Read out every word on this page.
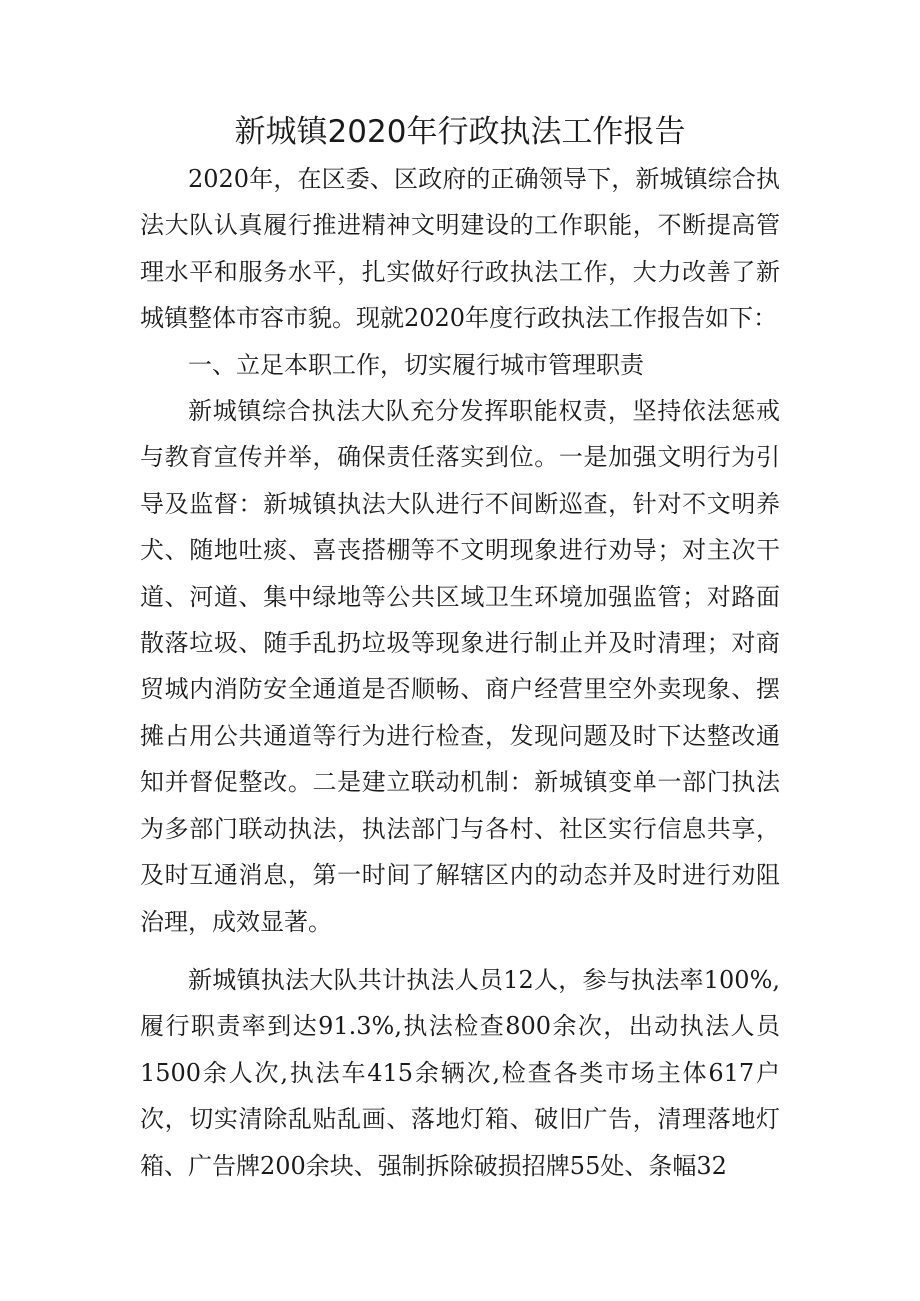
新城镇2020年行政执法工作报告

2020年，在区委、区政府的正确领导下，新城镇综合执法大队认真履行推进精神文明建设的工作职能，不断提高管理水平和服务水平，扎实做好行政执法工作，大力改善了新城镇整体市容市貌。现就2020年度行政执法工作报告如下：

一、立足本职工作，切实履行城市管理职责

新城镇综合执法大队充分发挥职能权责，坚持依法惩戒与教育宣传并举，确保责任落实到位。一是加强文明行为引导及监督：新城镇执法大队进行不间断巡查，针对不文明养犬、随地吐痰、喜丧搭棚等不文明现象进行劝导；对主次干道、河道、集中绿地等公共区域卫生环境加强监管；对路面散落垃圾、随手乱扔垃圾等现象进行制止并及时清理；对商贸城内消防安全通道是否顺畅、商户经营里空外卖现象、摆摊占用公共通道等行为进行检查，发现问题及时下达整改通知并督促整改。二是建立联动机制：新城镇变单一部门执法为多部门联动执法，执法部门与各村、社区实行信息共享，及时互通消息，第一时间了解辖区内的动态并及时进行劝阻治理，成效显著。

新城镇执法大队共计执法人员12人，参与执法率100%,履行职责率到达91.3%,执法检查800余次，出动执法人员1500余人次,执法车415余辆次,检查各类市场主体617户次，切实清除乱贴乱画、落地灯箱、破旧广告，清理落地灯箱、广告牌200余块、强制拆除破损招牌55处、条幅32
